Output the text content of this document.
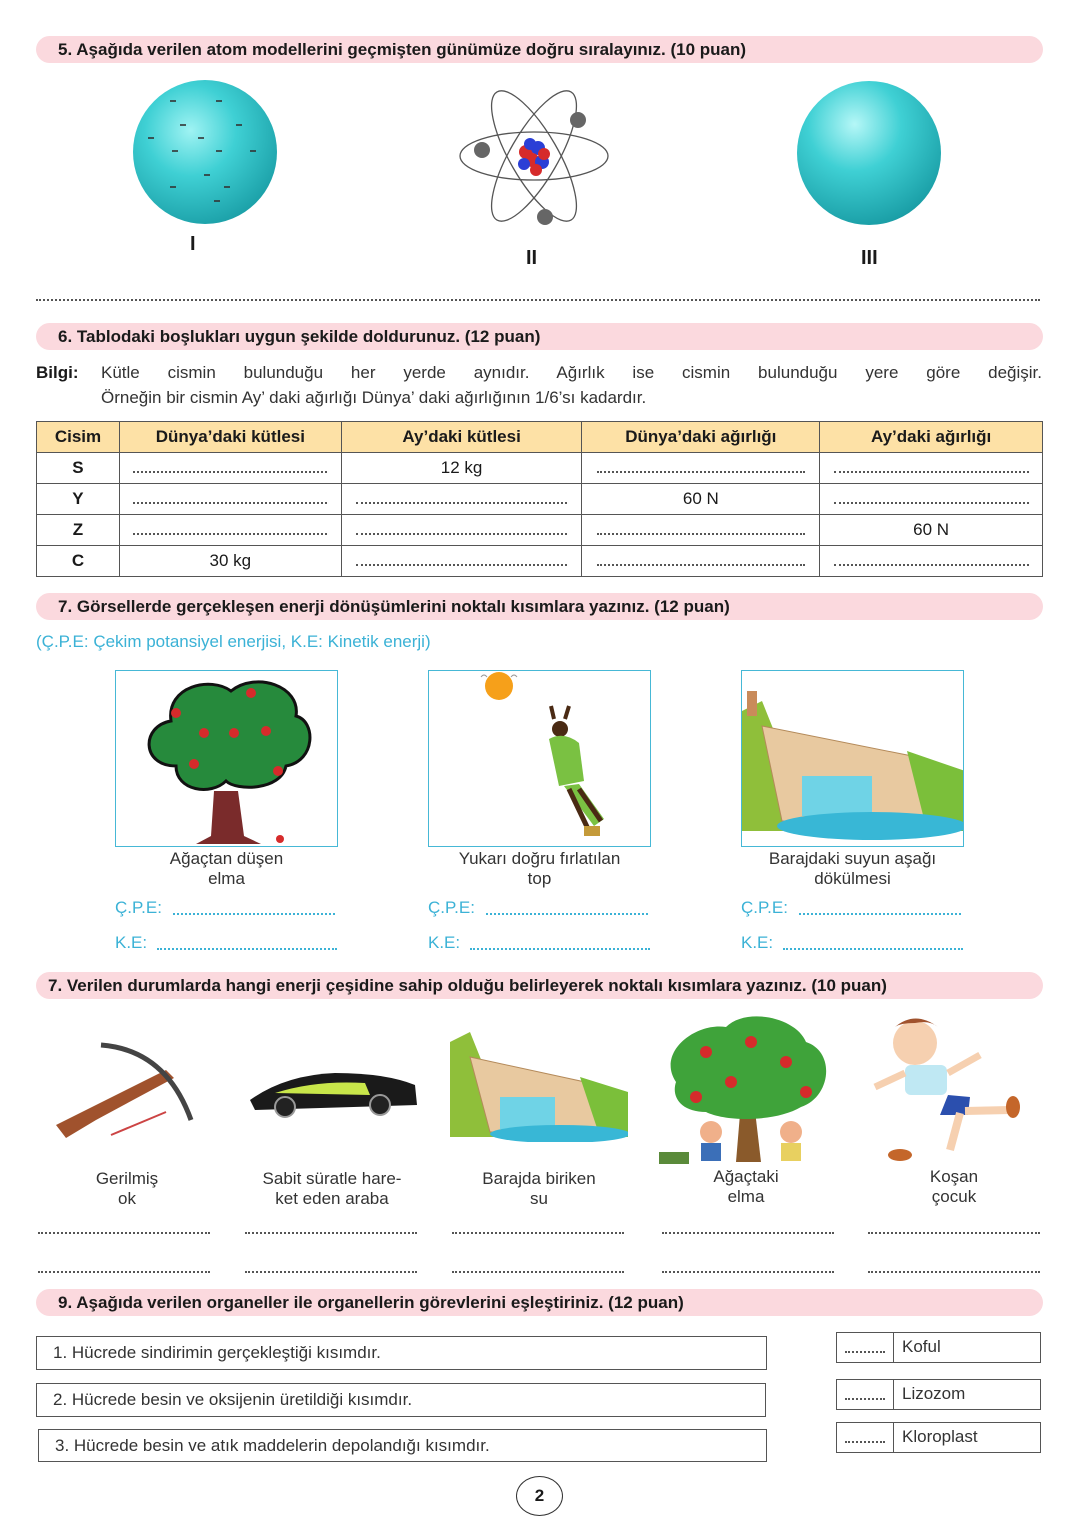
5. Aşağıda verilen atom modellerini geçmişten günümüze doğru sıralayınız. (10 puan)
I
II	III
6. Tablodaki boşlukları uygun şekilde doldurunuz. (12 puan)
Bilgi: Kütle cismin bulunduğu her yerde aynıdır. Ağırlık ise cismin bulunduğu yere göre değişir.
Örneğin bir cismin Ay’ daki ağırlığı Dünya’ daki ağırlığının 1/6’sı kadardır.
Cisim	Dünya’daki kütlesi	Ay’daki kütlesi	Dünya’daki ağırlığı	Ay’daki ağırlığı
S		12 kg		
Y			60 N	
Z				60 N
C	30 kg			
7. Görsellerde gerçekleşen enerji dönüşümlerini noktalı kısımlara yazınız. (12 puan)
(Ç.P.E: Çekim potansiyel enerjisi, K.E: Kinetik enerji)
Ağaçtan düşen
elma
Yukarı doğru fırlatılan
top
Barajdaki suyun aşağı
dökülmesi
Ç.P.E:
K.E:
Ç.P.E:
K.E:
Ç.P.E:
K.E:
7. Verilen durumlarda hangi enerji çeşidine sahip olduğu belirleyerek noktalı kısımlara yazınız. (10 puan)
Gerilmiş
ok
Sabit süratle hare-
ket eden araba
Barajda biriken
su
Ağaçtaki
elma
Koşan
çocuk
9. Aşağıda verilen organeller ile organellerin görevlerini eşleştiriniz. (12 puan)
1. Hücrede sindirimin gerçekleştiği kısımdır.
2. Hücrede besin ve oksijenin üretildiği kısımdır.
3. Hücrede besin ve atık maddelerin depolandığı kısımdır.
Koful
Lizozom
Kloroplast
2
